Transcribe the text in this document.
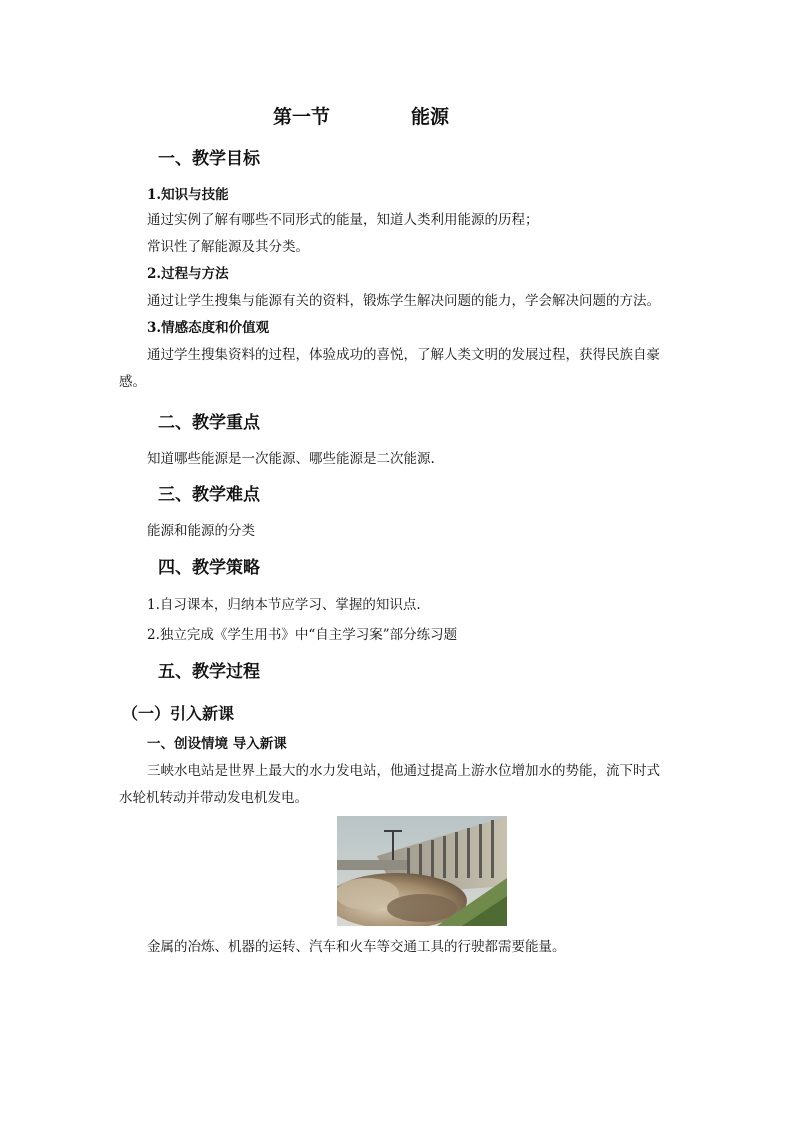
第一节	能源
一、教学目标
1.知识与技能
通过实例了解有哪些不同形式的能量，知道人类利用能源的历程；
常识性了解能源及其分类。
2.过程与方法
通过让学生搜集与能源有关的资料，锻炼学生解决问题的能力，学会解决问题的方法。
3.情感态度和价值观
通过学生搜集资料的过程，体验成功的喜悦，了解人类文明的发展过程，获得民族自豪
感。
二、教学重点
知道哪些能源是一次能源、哪些能源是二次能源.
三、教学难点
能源和能源的分类
四、教学策略
1.自习课本，归纳本节应学习、掌握的知识点.
2.独立完成《学生用书》中“自主学习案”部分练习题
五、教学过程
（一）引入新课
一、创设情境 导入新课
三峡水电站是世界上最大的水力发电站，他通过提高上游水位增加水的势能，流下时式
水轮机转动并带动发电机发电。
金属的冶炼、机器的运转、汽车和火车等交通工具的行驶都需要能量。
